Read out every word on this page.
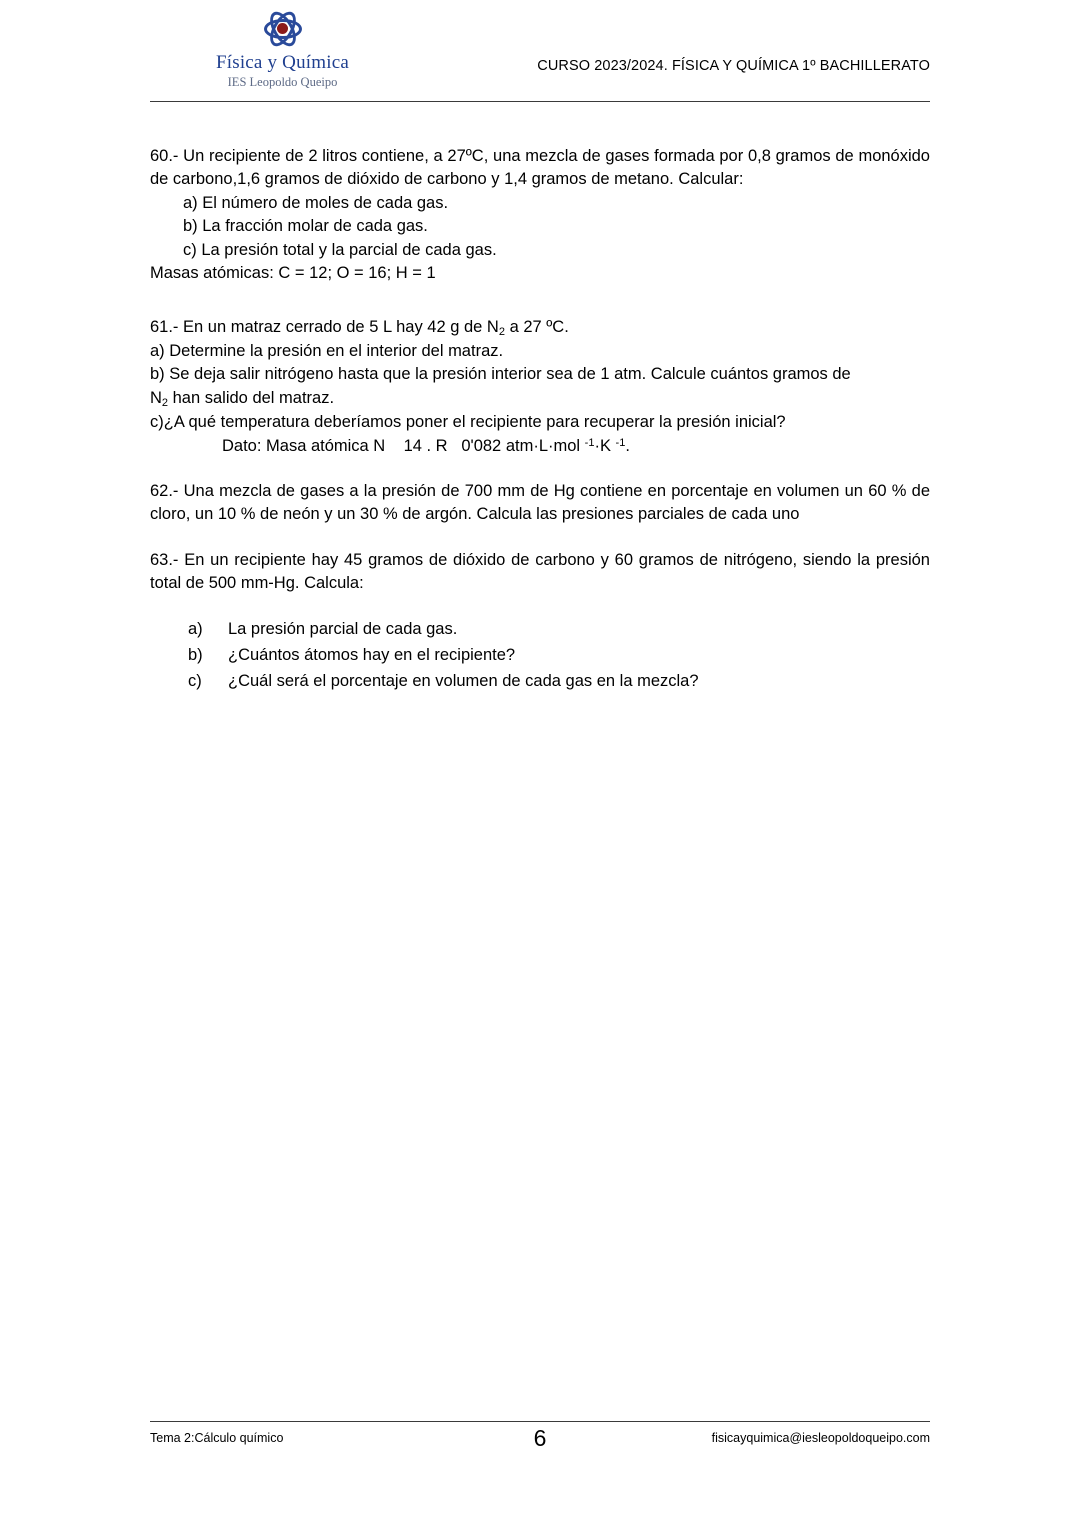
Física y Química
IES Leopoldo Queipo
CURSO 2023/2024. FÍSICA Y QUÍMICA 1º BACHILLERATO

60.- Un recipiente de 2 litros contiene, a 27ºC, una mezcla de gases formada por 0,8 gramos de monóxido de carbono,1,6 gramos de dióxido de carbono y 1,4 gramos de metano. Calcular:

a) El número de moles de cada gas.
b) La fracción molar de cada gas.
c) La presión total y la parcial de cada gas.
Masas atómicas: C = 12; O = 16; H = 1
61.- En un matraz cerrado de 5 L hay 42 g de $N_2$ a 27 ºC.
a) Determine la presión en el interior del matraz.
b) Se deja salir nitrógeno hasta que la presión interior sea de 1 atm. Calcule cuántos gramos de
$N_2$ han salido del matraz.
c)¿A qué temperatura deberíamos poner el recipiente para recuperar la presión inicial?
Dato: Masa atómica N 14 . R 0'082 atm·L·mol $^{-1}$·K $^{-1}$.

62.- Una mezcla de gases a la presión de 700 mm de Hg contiene en porcentaje en volumen un 60 % de cloro, un 10 % de neón y un 30 % de argón. Calcula las presiones parciales de cada uno

63.- En un recipiente hay 45 gramos de dióxido de carbono y 60 gramos de nitrógeno, siendo la presión total de 500 mm-Hg. Calcula:

a)	La presión parcial de cada gas.
b)	¿Cuántos átomos hay en el recipiente?
c)	¿Cuál será el porcentaje en volumen de cada gas en la mezcla?
Tema 2:Cálculo químico	6	fisicayquimica@iesleopoldoqueipo.com
